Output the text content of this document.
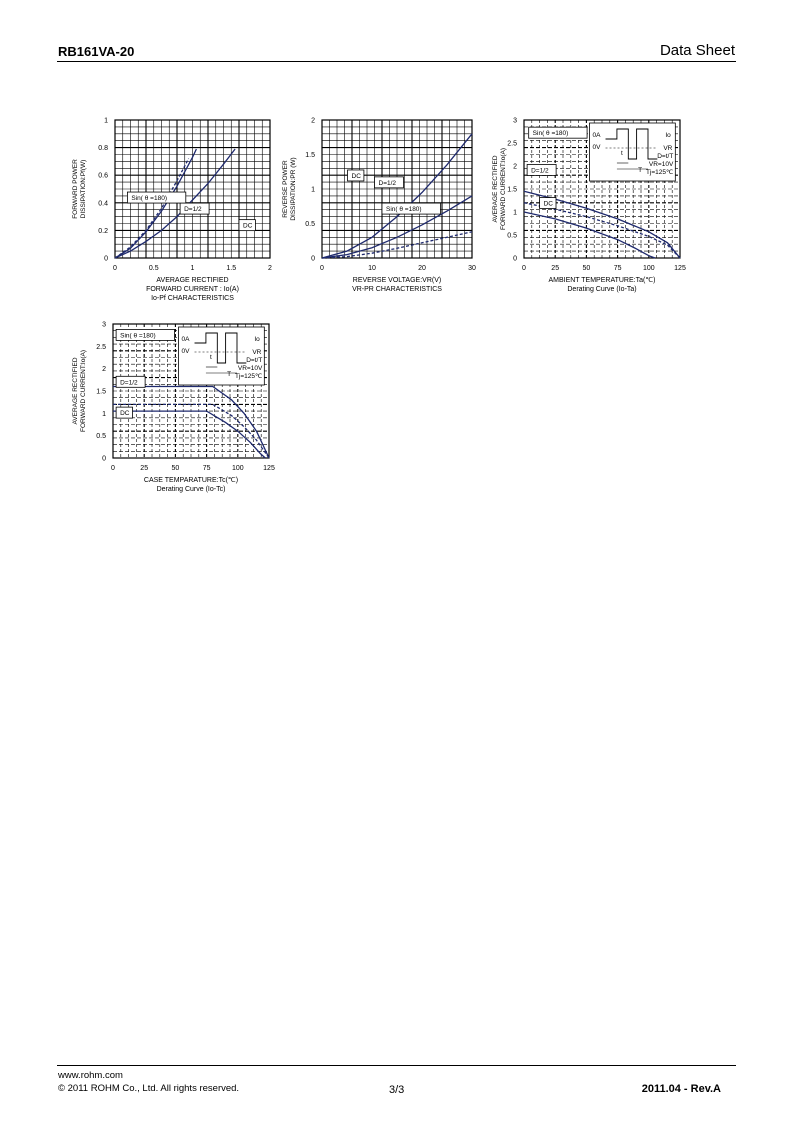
RB161VA-20	Data Sheet
0	0.5	1	1.5	2
0
0.2
0.4
0.6
0.8
1
AVERAGE RECTIFIED
FORWARD CURRENT : Io(A)
Io-Pf CHARACTERISTICS
FORWARD POWER DISSIPATION:Pf(W)
DC
D=1/2
Sin( θ =180)
0	10	20	30
0
0.5
1
1.5
2
REVERSE VOLTAGE:VR(V)
VR-PR CHARACTERISTICS
REVERSE POWER DISSIPATION:PR (W)	Sin( θ =180)
D=1/2
DC
0	25	50	75	100	125
0
0.5
1
1.5
2
2.5
3
AMBIENT TEMPERATURE:Ta(℃)
Derating Curve (Io-Ta)
AVERAGE RECTIFIED FORWARD CURRENT:Io(A)	DC
D=1/2
Sin( θ =180)	0A
0V
Io
VR
t
T
D=t/T
VR=10V
Tj=125℃
0	25	50	75	100	125
0
0.5
1
1.5
2
2.5
3
CASE TEMPARATURE:Tc(℃)
Derating Curve (Io-Tc)
AVERAGE RECTIFIED FORWARD CURRENT:Io(A)	DC
D=1/2
Sin( θ =180)
0A
0V
Io
VR
t
T
D=t/T
VR=10V
Tj=125℃
www.rohm.com
© 2011 ROHM Co., Ltd. All rights reserved.	3/3	2011.04 - Rev.A
